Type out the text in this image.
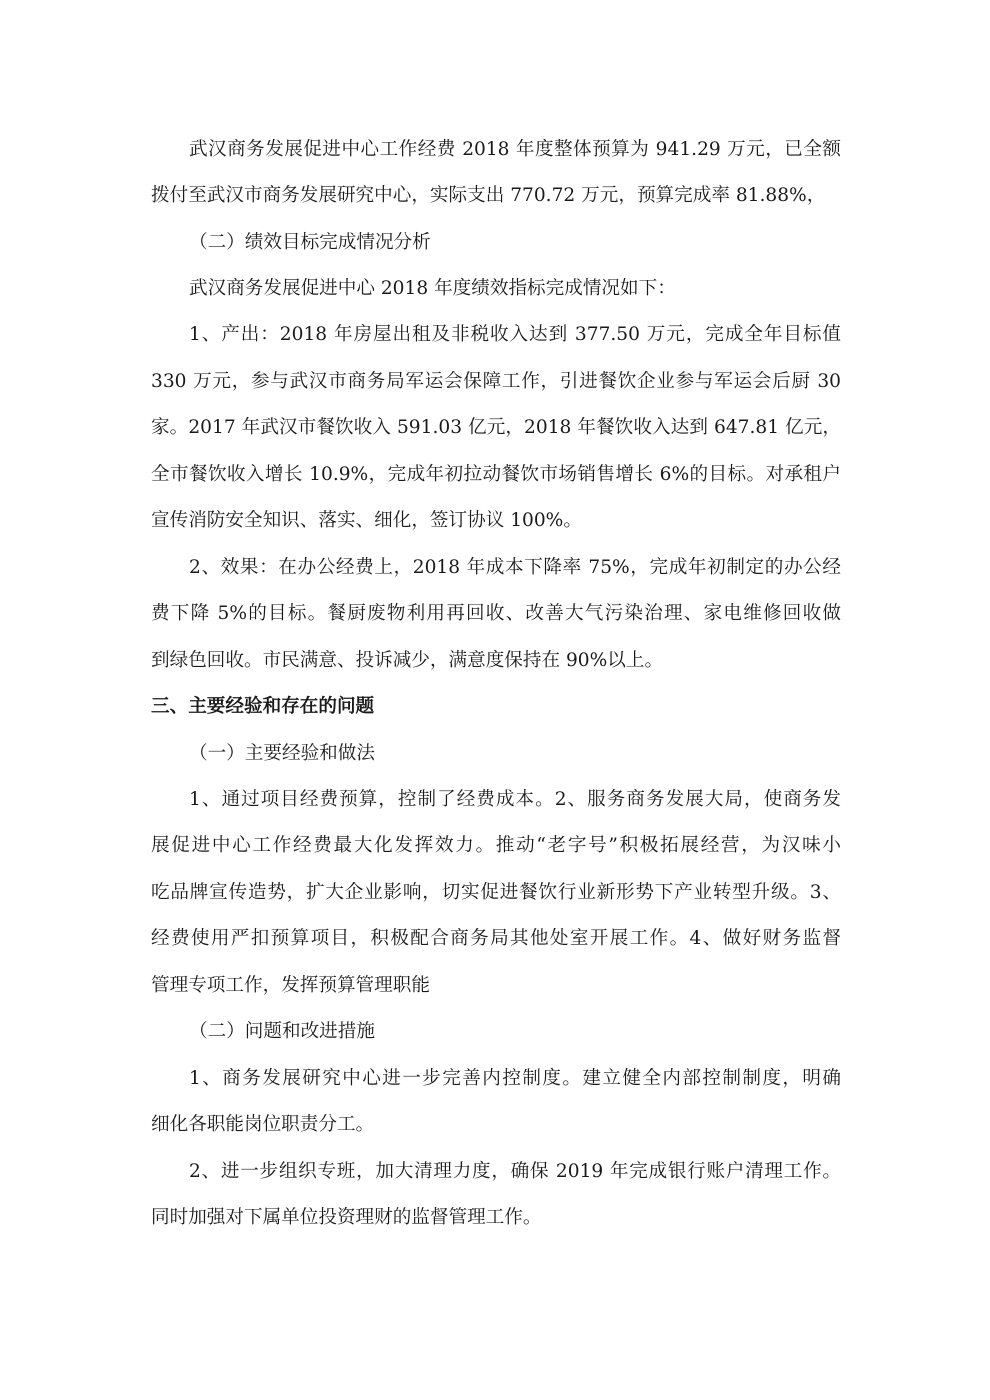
武汉商务发展促进中心工作经费 2018 年度整体预算为 941.29 万元，已全额

拨付至武汉市商务发展研究中心，实际支出 770.72 万元，预算完成率 81.88%，

（二）绩效目标完成情况分析

武汉商务发展促进中心 2018 年度绩效指标完成情况如下：

1、产出：2018 年房屋出租及非税收入达到 377.50 万元，完成全年目标值

330 万元，参与武汉市商务局军运会保障工作，引进餐饮企业参与军运会后厨 30

家。2017 年武汉市餐饮收入 591.03 亿元，2018 年餐饮收入达到 647.81 亿元，

全市餐饮收入增长 10.9%，完成年初拉动餐饮市场销售增长 6%的目标。对承租户

宣传消防安全知识、落实、细化，签订协议 100%。

2、效果：在办公经费上，2018 年成本下降率 75%，完成年初制定的办公经

费下降 5%的目标。餐厨废物利用再回收、改善大气污染治理、家电维修回收做

到绿色回收。市民满意、投诉减少，满意度保持在 90%以上。

三、主要经验和存在的问题

（一）主要经验和做法

1、通过项目经费预算，控制了经费成本。2、服务商务发展大局，使商务发

展促进中心工作经费最大化发挥效力。推动“老字号”积极拓展经营，为汉味小

吃品牌宣传造势，扩大企业影响，切实促进餐饮行业新形势下产业转型升级。3、

经费使用严扣预算项目，积极配合商务局其他处室开展工作。4、做好财务监督

管理专项工作，发挥预算管理职能

（二）问题和改进措施

1、商务发展研究中心进一步完善内控制度。建立健全内部控制制度，明确

细化各职能岗位职责分工。

2、进一步组织专班，加大清理力度，确保 2019 年完成银行账户清理工作。

同时加强对下属单位投资理财的监督管理工作。
